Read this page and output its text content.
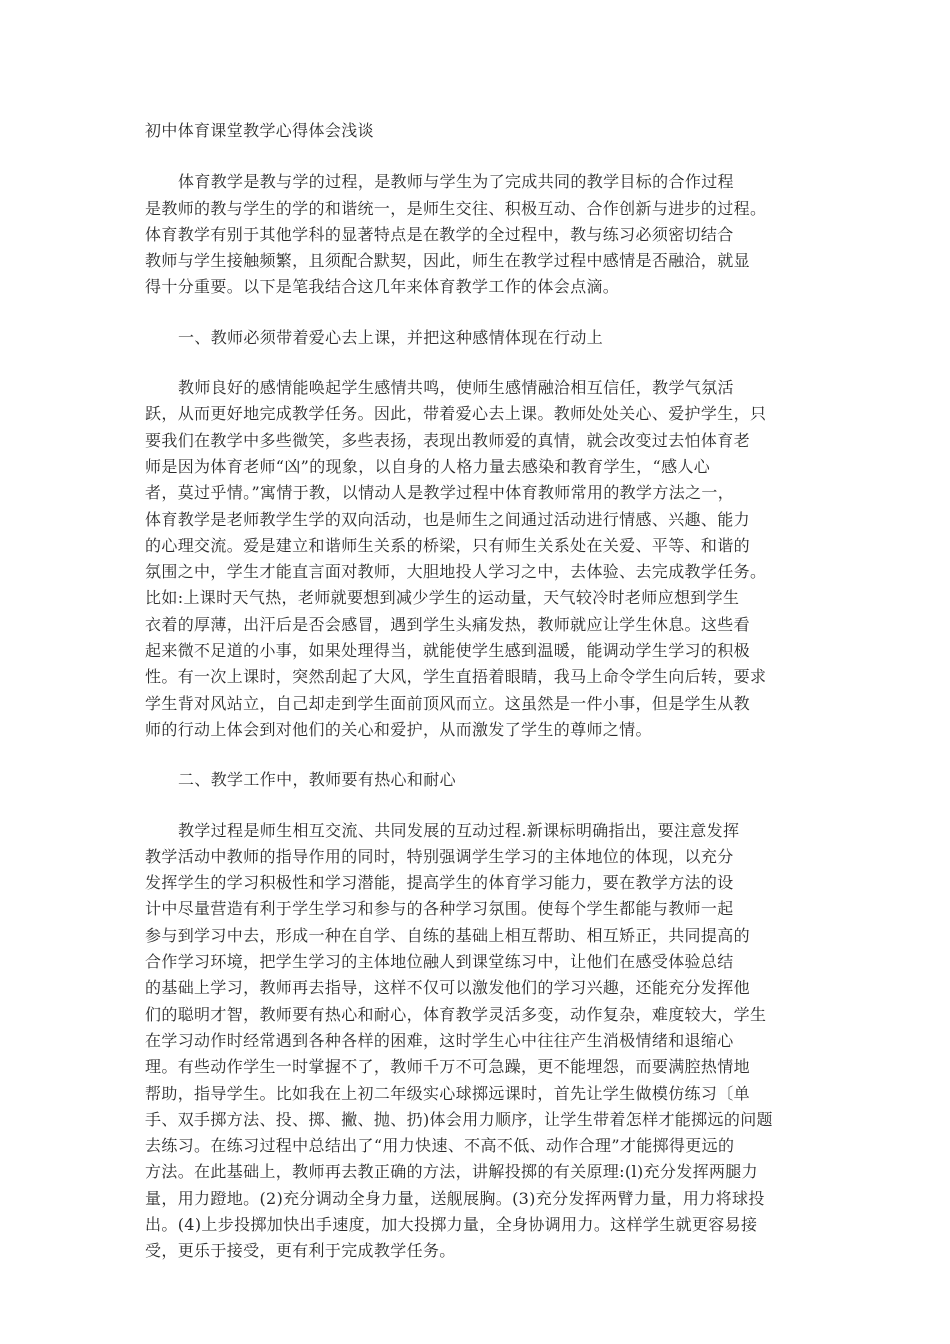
初中体育课堂教学心得体会浅谈

体育教学是教与学的过程，是教师与学生为了完成共同的教学目标的合作过程
是教师的教与学生的学的和谐统一，是师生交往、积极互动、合作创新与进步的过程。
体育教学有别于其他学科的显著特点是在教学的全过程中，教与练习必须密切结合
教师与学生接触频繁，且须配合默契，因此，师生在教学过程中感情是否融洽，就显
得十分重要。以下是笔我结合这几年来体育教学工作的体会点滴。

一、教师必须带着爱心去上课，并把这种感情体现在行动上

教师良好的感情能唤起学生感情共鸣，使师生感情融洽相互信任，教学气氛活
跃，从而更好地完成教学任务。因此，带着爱心去上课。教师处处关心、爱护学生，只
要我们在教学中多些微笑，多些表扬，表现出教师爱的真情，就会改变过去怕体育老
师是因为体育老师“凶”的现象，以自身的人格力量去感染和教育学生，“感人心
者，莫过乎情。”寓情于教，以情动人是教学过程中体育教师常用的教学方法之一，
体育教学是老师教学生学的双向活动，也是师生之间通过活动进行情感、兴趣、能力
的心理交流。爱是建立和谐师生关系的桥梁，只有师生关系处在关爱、平等、和谐的
氛围之中，学生才能直言面对教师，大胆地投人学习之中，去体验、去完成教学任务。
比如:上课时天气热，老师就要想到减少学生的运动量，天气较冷时老师应想到学生
衣着的厚薄，出汗后是否会感冒，遇到学生头痛发热，教师就应让学生休息。这些看
起来微不足道的小事，如果处理得当，就能使学生感到温暖，能调动学生学习的积极
性。有一次上课时，突然刮起了大风，学生直捂着眼睛，我马上命令学生向后转，要求
学生背对风站立，自己却走到学生面前顶风而立。这虽然是一件小事，但是学生从教
师的行动上体会到对他们的关心和爱护，从而激发了学生的尊师之情。

二、教学工作中，教师要有热心和耐心

教学过程是师生相互交流、共同发展的互动过程.新课标明确指出，要注意发挥
教学活动中教师的指导作用的同时，特别强调学生学习的主体地位的体现，以充分
发挥学生的学习积极性和学习潜能，提高学生的体育学习能力，要在教学方法的设
计中尽量营造有利于学生学习和参与的各种学习氛围。使每个学生都能与教师一起
参与到学习中去，形成一种在自学、自练的基础上相互帮助、相互矫正，共同提高的
合作学习环境，把学生学习的主体地位融人到课堂练习中，让他们在感受体验总结
的基础上学习，教师再去指导，这样不仅可以激发他们的学习兴趣，还能充分发挥他
们的聪明才智，教师要有热心和耐心，体育教学灵活多变，动作复杂，难度较大，学生
在学习动作时经常遇到各种各样的困难，这时学生心中往往产生消极情绪和退缩心
理。有些动作学生一时掌握不了，教师千万不可急躁，更不能埋怨，而要满腔热情地
帮助，指导学生。比如我在上初二年级实心球掷远课时，首先让学生做模仿练习〔单
手、双手掷方法、投、掷、撇、抛、扔)体会用力顺序，让学生带着怎样才能掷远的问题
去练习。在练习过程中总结出了“用力快速、不高不低、动作合理”才能掷得更远的
方法。在此基础上，教师再去教正确的方法，讲解投掷的有关原理:(l)充分发挥两腿力
量，用力蹬地。(2)充分调动全身力量，送舰展胸。(3)充分发挥两臂力量，用力将球投
出。(4)上步投掷加快出手速度，加大投掷力量，全身协调用力。这样学生就更容易接
受，更乐于接受，更有利于完成教学任务。
